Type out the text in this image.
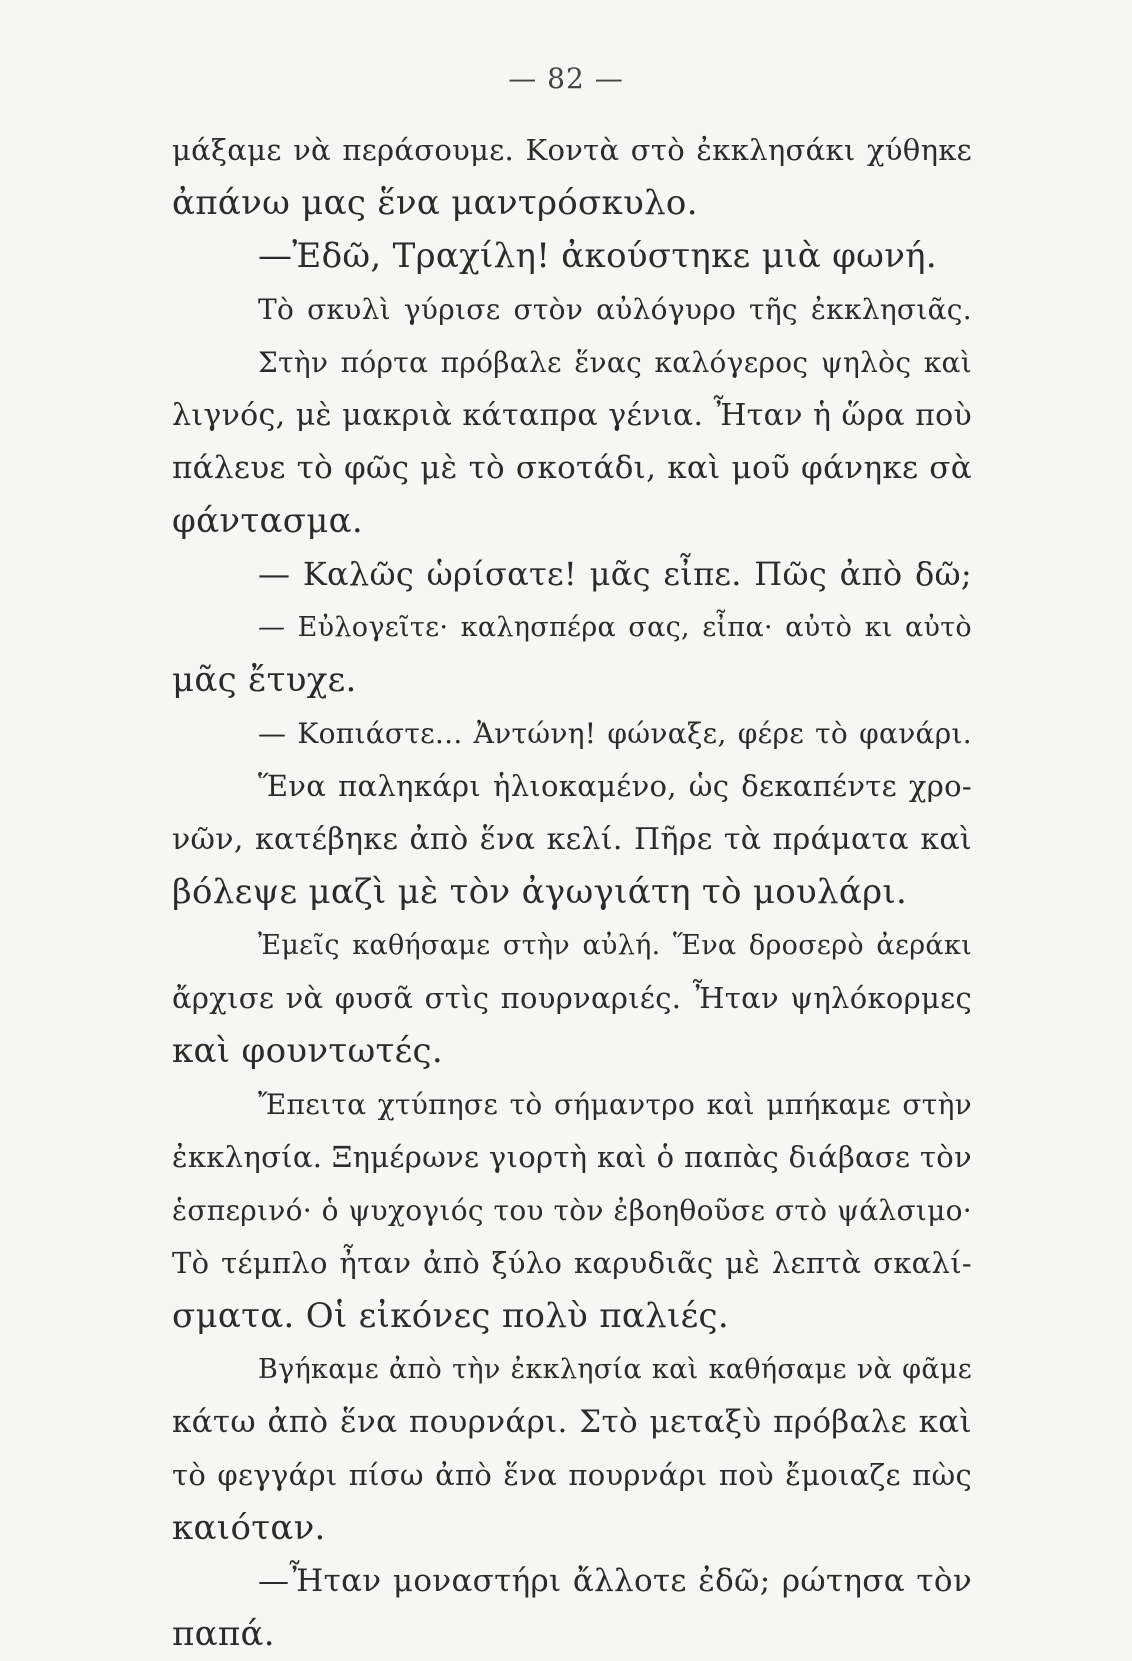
— 82 —
μάξαμε νὰ περάσουμε. Κοντὰ στὸ ἐκκλησάκι χύθηκε
ἀπάνω μας ἕνα μαντρόσκυλο.
—Ἐδῶ, Τραχίλη! ἀκούστηκε μιὰ φωνή.
Τὸ σκυλὶ γύρισε στὸν αὐλόγυρο τῆς ἐκκλησιᾶς.
Στὴν πόρτα πρόβαλε ἕνας καλόγερος ψηλὸς καὶ
λιγνός, μὲ μακριὰ κάταπρα γένια. Ἦταν ἡ ὥρα ποὺ
πάλευε τὸ φῶς μὲ τὸ σκοτάδι, καὶ μοῦ φάνηκε σὰ
φάντασμα.
— Καλῶς ὡρίσατε! μᾶς εἶπε. Πῶς ἀπὸ δῶ;
— Εὐλογεῖτε· καλησπέρα σας, εἶπα· αὐτὸ κι αὐτὸ
μᾶς ἔτυχε.
— Κοπιάστε... Ἀντώνη! φώναξε, φέρε τὸ φανάρι.
Ἕνα παληκάρι ἡλιοκαμένο, ὡς δεκαπέντε χρο-
νῶν, κατέβηκε ἀπὸ ἕνα κελί. Πῆρε τὰ πράματα καὶ
βόλεψε μαζὶ μὲ τὸν ἀγωγιάτη τὸ μουλάρι.
Ἐμεῖς καθήσαμε στὴν αὐλή. Ἕνα δροσερὸ ἀεράκι
ἄρχισε νὰ φυσᾶ στὶς πουρναριές. Ἦταν ψηλόκορμες
καὶ φουντωτές.
Ἔπειτα χτύπησε τὸ σήμαντρο καὶ μπήκαμε στὴν
ἐκκλησία. Ξημέρωνε γιορτὴ καὶ ὁ παπὰς διάβασε τὸν
ἑσπερινό· ὁ ψυχογιός του τὸν ἐβοηθοῦσε στὸ ψάλσιμο·
Τὸ τέμπλο ἦταν ἀπὸ ξύλο καρυδιᾶς μὲ λεπτὰ σκαλί-
σματα. Οἱ εἰκόνες πολὺ παλιές.
Βγήκαμε ἀπὸ τὴν ἐκκλησία καὶ καθήσαμε νὰ φᾶμε
κάτω ἀπὸ ἕνα πουρνάρι. Στὸ μεταξὺ πρόβαλε καὶ
τὸ φεγγάρι πίσω ἀπὸ ἕνα πουρνάρι ποὺ ἔμοιαζε πὼς
καιόταν.
—Ἦταν μοναστήρι ἄλλοτε ἐδῶ; ρώτησα τὸν
παπά.
